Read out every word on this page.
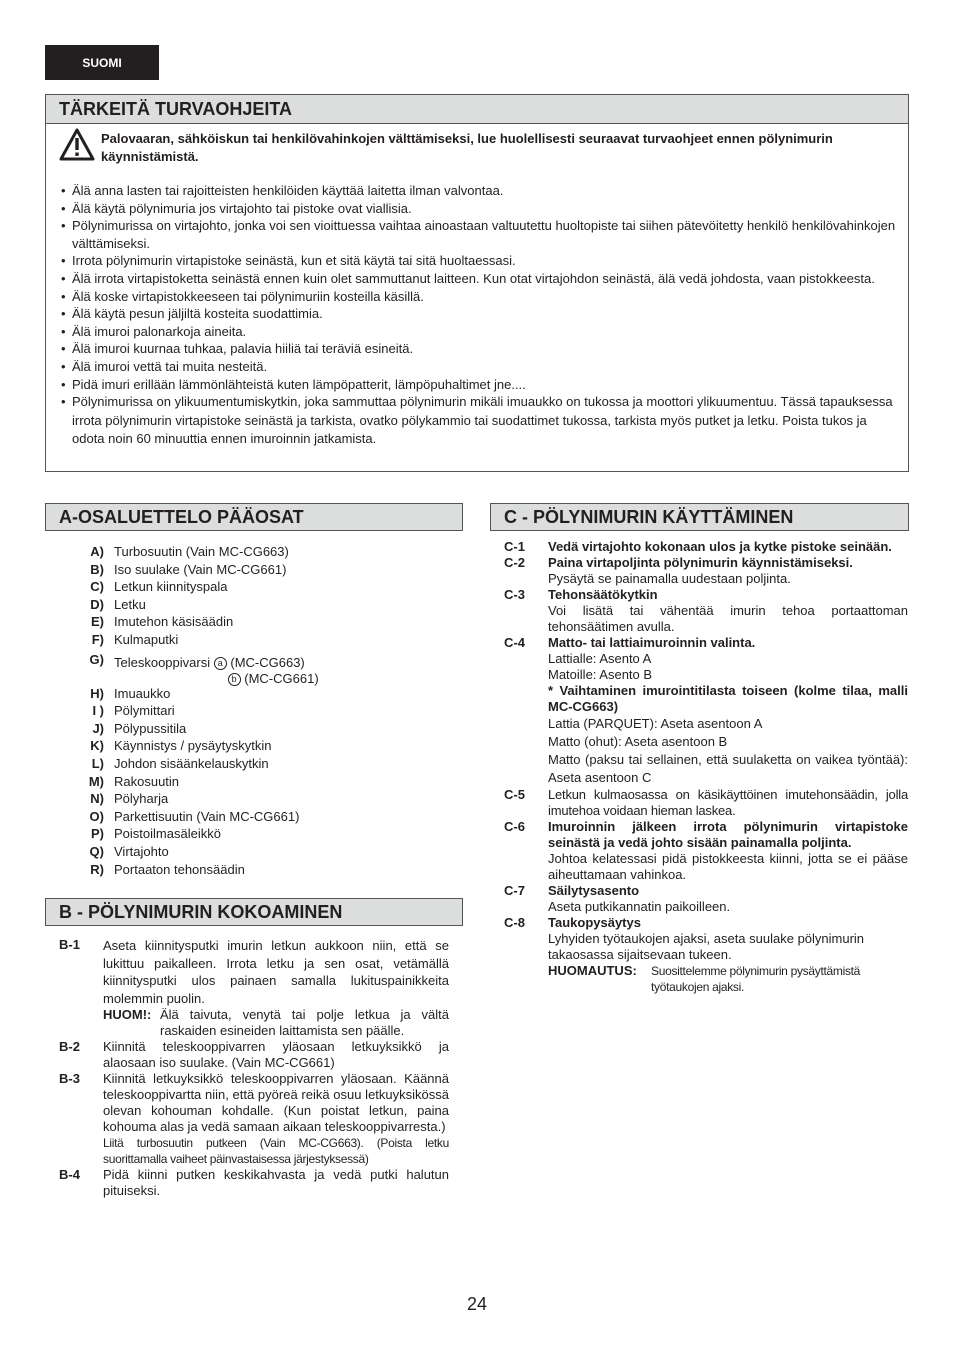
SUOMI
TÄRKEITÄ TURVAOHJEITA
Palovaaran, sähköiskun tai henkilövahinkojen välttämiseksi, lue huolellisesti seuraavat turvaohjeet ennen pölynimurin käynnistämistä.
• Älä anna lasten tai rajoitteisten henkilöiden käyttää laitetta ilman valvontaa.
• Älä käytä pölynimuria jos virtajohto tai pistoke ovat viallisia.
• Pölynimurissa on virtajohto, jonka voi sen vioittuessa vaihtaa ainoastaan valtuutettu huoltopiste tai siihen pätevöitetty henkilö henkilövahinkojen välttämiseksi.
• Irrota pölynimurin virtapistoke seinästä, kun et sitä käytä tai sitä huoltaessasi.
• Älä irrota virtapistoketta seinästä ennen kuin olet sammuttanut laitteen. Kun otat virtajohdon seinästä, älä vedä johdosta, vaan pistokkeesta.
• Älä koske virtapistokkeeseen tai pölynimuriin kosteilla käsillä.
• Älä käytä pesun jäljiltä kosteita suodattimia.
• Älä imuroi palonarkoja aineita.
• Älä imuroi kuurnaa tuhkaa, palavia hiiliä tai teräviä esineitä.
• Älä imuroi vettä tai muita nesteitä.
• Pidä imuri erillään lämmönlähteistä kuten lämpöpatterit, lämpöpuhaltimet jne....
• Pölynimurissa on ylikuumentumiskytkin, joka sammuttaa pölynimurin mikäli imuaukko on tukossa ja moottori ylikuumentuu. Tässä tapauksessa irrota pölynimurin virtapistoke seinästä ja tarkista, ovatko pölykammio tai suodattimet tukossa, tarkista myös putket ja letku. Poista tukos ja odota noin 60 minuuttia ennen imuroinnin jatkamista.
A-OSALUETTELO PÄÄOSAT
A) Turbosuutin (Vain MC-CG663)
B) Iso suulake (Vain MC-CG661)
C) Letkun kiinnityspala
D) Letku
E) Imutehon käsisäädin
F) Kulmaputki
G) Teleskooppivarsi a (MC-CG663)
b (MC-CG661)
H) Imuaukko
I ) Pölymittari
J) Pölypussitila
K) Käynnistys / pysäytyskytkin
L) Johdon sisäänkelauskytkin
M) Rakosuutin
N) Pölyharja
O) Parkettisuutin (Vain MC-CG661)
P) Poistoilmasäleikkö
Q) Virtajohto
R) Portaaton tehonsäädin
B - PÖLYNIMURIN KOKOAMINEN
B-1	Aseta kiinnitysputki imurin letkun aukkoon niin, että se lukittuu paikalleen. Irrota letku ja sen osat, vetämällä kiinnitysputki ulos painaen samalla lukituspainikkeita molemmin puolin.
HUOM!: Älä taivuta, venytä tai polje letkua ja vältä raskaiden esineiden laittamista sen päälle.
B-2	Kiinnitä teleskooppivarren yläosaan letkuyksikkö ja alaosaan iso suulake. (Vain MC-CG661)
B-3	Kiinnitä letkuyksikkö teleskooppivarren yläosaan. Käännä teleskooppivartta niin, että pyöreä reikä osuu letkuyksikössä olevan kohouman kohdalle. (Kun poistat letkun, paina kohouma alas ja vedä samaan aikaan teleskooppivarresta.)
Liitä turbosuutin putkeen (Vain MC-CG663). (Poista letku suorittamalla vaiheet päinvastaisessa järjestyksessä)
B-4	Pidä kiinni putken keskikahvasta ja vedä putki halutun pituiseksi.
C - PÖLYNIMURIN KÄYTTÄMINEN
C-1	Vedä virtajohto kokonaan ulos ja kytke pistoke seinään.
C-2	Paina virtapoljinta pölynimurin käynnistämiseksi.
Pysäytä se painamalla uudestaan poljinta.
C-3	Tehonsäätökytkin
Voi lisätä tai vähentää imurin tehoa portaattoman tehonsäätimen avulla.
C-4	Matto- tai lattiaimuroinnin valinta.
Lattialle: Asento A
Matoille: Asento B
* Vaihtaminen imurointitilasta toiseen (kolme tilaa, malli MC-CG663)
Lattia (PARQUET): Aseta asentoon A
Matto (ohut): Aseta asentoon B
Matto (paksu tai sellainen, että suulaketta on vaikea työntää): Aseta asentoon C
C-5	Letkun kulmaosassa on käsikäyttöinen imutehonsäädin, jolla imutehoa voidaan hieman laskea.
C-6	Imuroinnin jälkeen irrota pölynimurin virtapistoke seinästä ja vedä johto sisään painamalla poljinta.
Johtoa kelatessasi pidä pistokkeesta kiinni, jotta se ei pääse aiheuttamaan vahinkoa.
C-7	Säilytysasento
Aseta putkikannatin paikoilleen.
C-8	Taukopysäytys
Lyhyiden työtaukojen ajaksi, aseta suulake pölynimurin takaosassa sijaitsevaan tukeen.
HUOMAUTUS:	Suosittelemme pölynimurin pysäyttämistä työtaukojen ajaksi.
24
